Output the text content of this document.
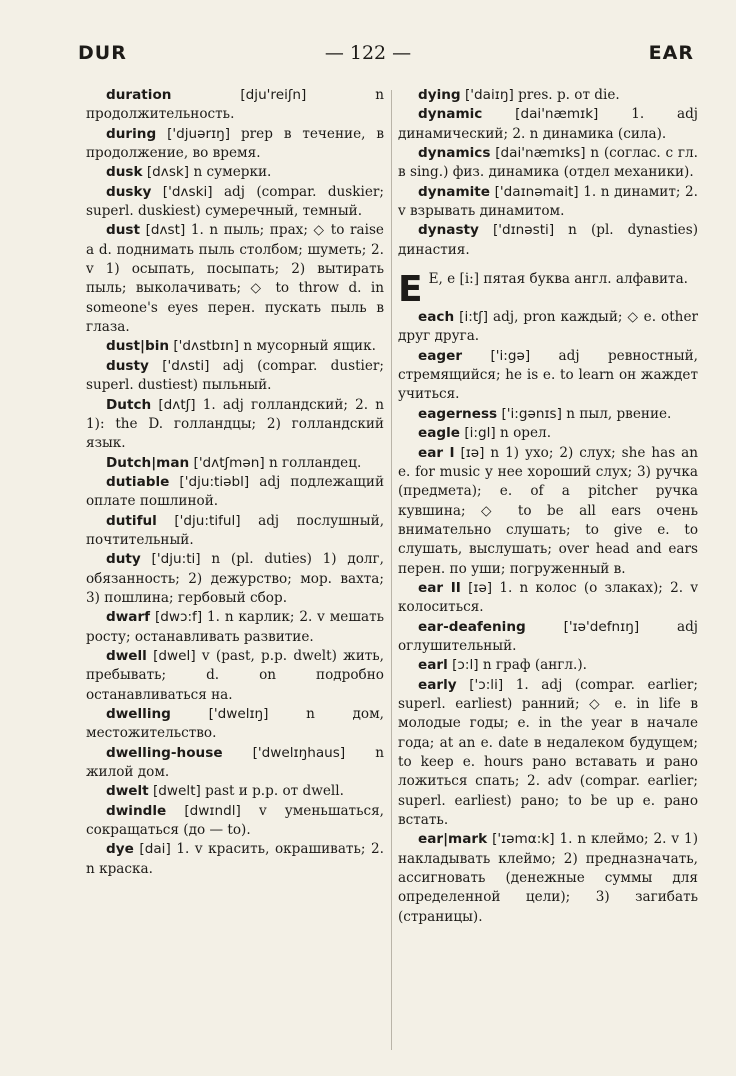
DUR	— 122 —	EAR

duration	[dju'reiʃn]	n продолжительность.

during ['djuərɪŋ] prep в течение, в продолжение, во время.

dusk [dʌsk] n сумерки.

dusky ['dʌski] adj (compar. duskier; superl. duskiest) сумеречный, темный.

dust [dʌst] 1. n пыль; прах; ◇ to raise a d. поднимать пыль столбом; шуметь; 2. v 1) осыпать, посыпать; 2) вытирать пыль; выколачивать; ◇ to throw d. in someone's eyes перен. пускать пыль в глаза.

dust|bin ['dʌstbɪn] n мусорный ящик.

dusty ['dʌsti] adj (compar. dustier; superl. dustiest) пыльный.

Dutch [dʌtʃ] 1. adj голландский; 2. n 1): the D. голландцы; 2) голландский язык.

Dutch|man ['dʌtʃmən] n голландец.

dutiable ['dju:tiəbl] adj подлежащий оплате пошлиной.

dutiful ['dju:tiful] adj послушный, почтительный.

duty ['dju:ti] n (pl. duties) 1) долг, обязанность; 2) дежурство; мор. вахта; 3) пошлина; гербовый сбор.

dwarf [dwɔ:f] 1. n карлик; 2. v мешать росту; останавливать развитие.

dwell [dwel] v (past, p.p. dwelt) жить, пребывать; d. on подробно останавливаться на.

dwelling	['dwelɪŋ]	n дом, местожительство.

dwelling-house ['dwelɪŋhaus] n жилой дом.

dwelt [dwelt] past и p.p. от dwell.

dwindle [dwɪndl] v уменьшаться, сокращаться (до — to).

dye [dai] 1. v красить, окрашивать; 2. n краска.

dying ['daiɪŋ] pres. p. от die.

dynamic [dai'næmɪk] 1. adj динамический; 2. n динамика (сила).

dynamics [dai'næmɪks] n (соглас. с гл. в sing.) физ. динамика (отдел механики).

dynamite ['daɪnəmait] 1. n динамит; 2. v взрывать динамитом.

dynasty ['dɪnəsti] n (pl. dynasties) династия.

E E, e [i:] пятая буква англ. алфавита.

each [i:tʃ] adj, pron каждый; ◇ e. other друг друга.

eager ['i:gə] adj ревностный, стремящийся; he is e. to learn он жаждет учиться.

eagerness ['i:gənɪs] n пыл, рвение.

eagle [i:gl] n орел.

ear I [ɪə] n 1) ухо; 2) слух; she has an e. for music у нее хороший слух; 3) ручка (предмета); e. of a pitcher ручка кувшина; ◇ to be all ears очень внимательно слушать; to give e. to слушать, выслушать; over head and ears перен. по уши; погруженный в.

ear II [ɪə] 1. n колос (о злаках); 2. v колоситься.

ear-deafening	['ɪə'defnɪŋ]	adj оглушительный.

earl [ɔ:l] n граф (англ.).

early ['ɔ:li] 1. adj (compar. earlier; superl. earliest) ранний; ◇ e. in life в молодые годы; e. in the year в начале года; at an e. date в недалеком будущем; to keep e. hours рано вставать и рано ложиться спать; 2. adv (compar. earlier; superl. earliest) рано; to be up e. рано встать.

ear|mark ['ɪəmα:k] 1. n клеймо; 2. v 1) накладывать клеймо; 2) предназначать, ассигновать (денежные суммы для определенной цели); 3) загибать (страницы).
